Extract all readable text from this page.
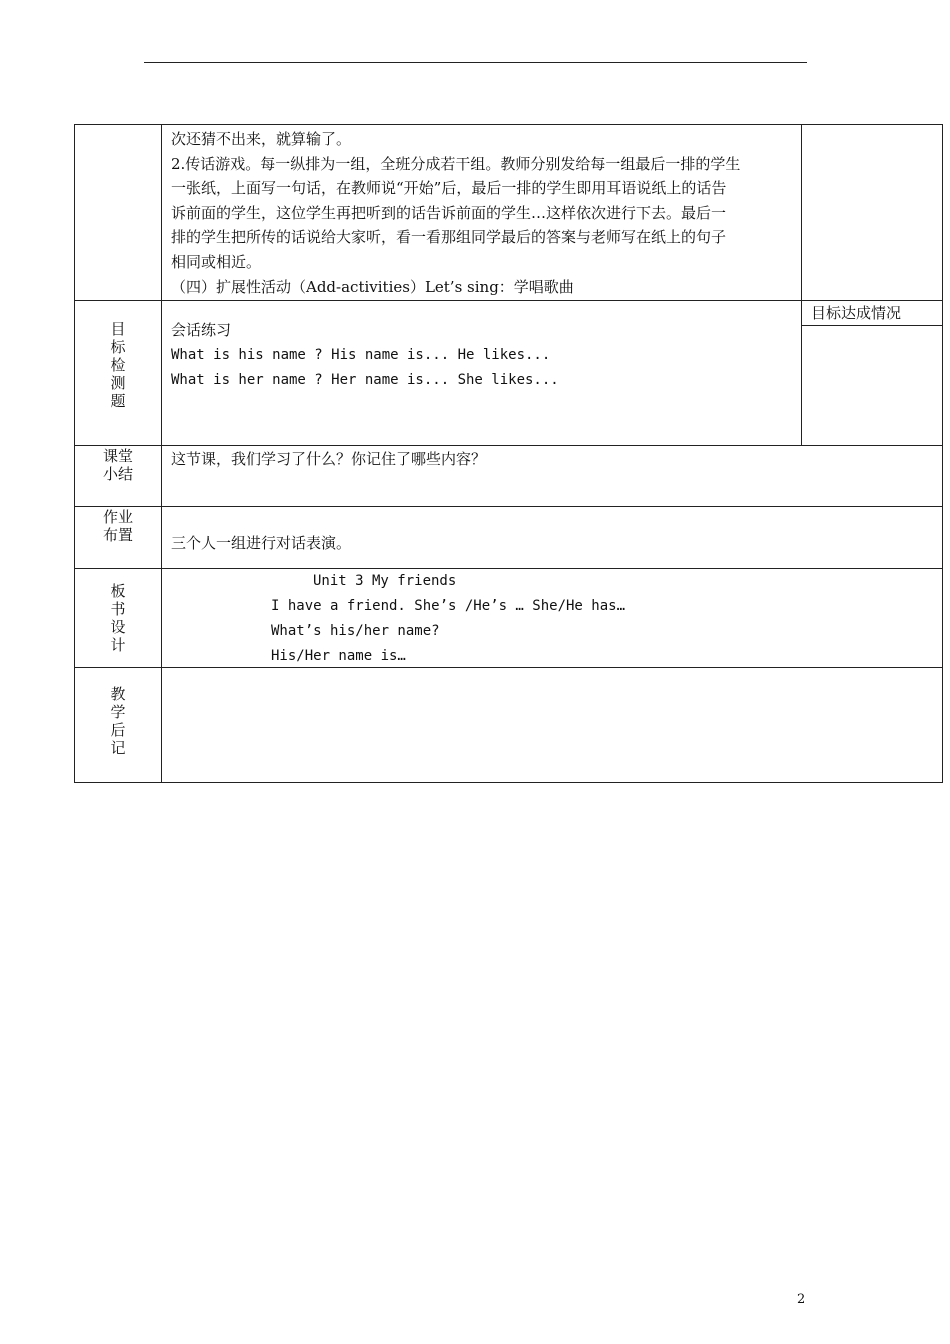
次还猜不出来，就算输了。
2.传话游戏。每一纵排为一组，全班分成若干组。教师分别发给每一组最后一排的学生
一张纸，上面写一句话，在教师说“开始”后，最后一排的学生即用耳语说纸上的话告
诉前面的学生，这位学生再把听到的话告诉前面的学生…这样依次进行下去。最后一
排的学生把所传的话说给大家听，看一看那组同学最后的答案与老师写在纸上的句子
相同或相近。
（四）扩展性活动（Add-activities）Let’s sing：学唱歌曲
目
标
检
测
题
会话练习
What is his name ? His name is... He likes...
What is her name ? Her name is... She likes...
目标达成情况
课堂
小结
这节课，我们学习了什么？你记住了哪些内容？
作业
布置	三个人一组进行对话表演。
板
书
设
计
Unit 3 My friends
I have a friend. She’s /He’s … She/He has…
What’s his/her name?
His/Her name is…
教
学
后
记
2
